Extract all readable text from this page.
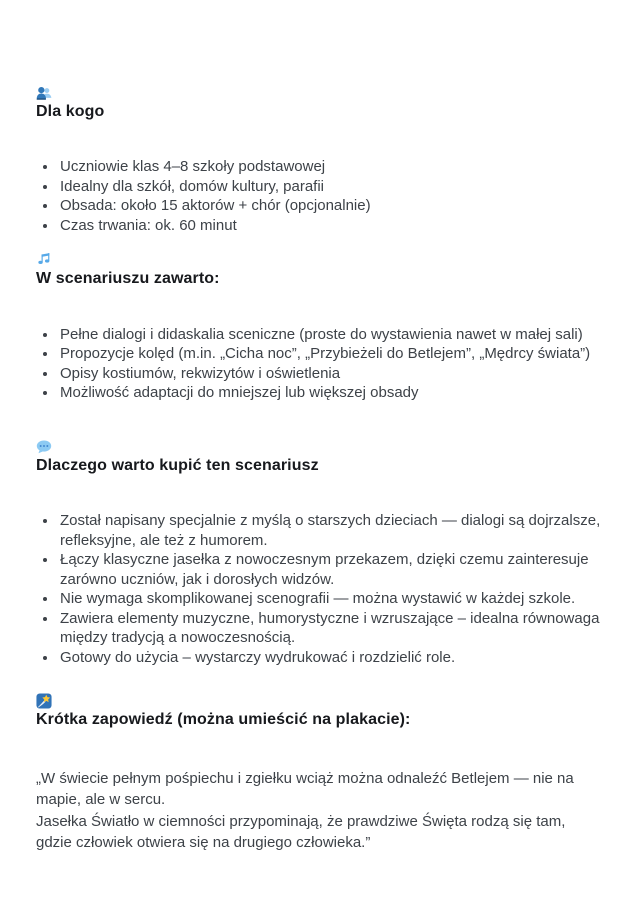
Dla kogo
• Uczniowie klas 4–8 szkoły podstawowej
• Idealny dla szkół, domów kultury, parafii
• Obsada: około 15 aktorów + chór (opcjonalnie)
• Czas trwania: ok. 60 minut
W scenariuszu zawarto:
• Pełne dialogi i didaskalia sceniczne (proste do wystawienia nawet w małej sali)
• Propozycje kolęd (m.in. „Cicha noc”, „Przybieżeli do Betlejem”, „Mędrcy świata”)
• Opisy kostiumów, rekwizytów i oświetlenia
• Możliwość adaptacji do mniejszej lub większej obsady
Dlaczego warto kupić ten scenariusz
• Został napisany specjalnie z myślą o starszych dzieciach — dialogi są dojrzalsze, refleksyjne, ale też z humorem.
• Łączy klasyczne jasełka z nowoczesnym przekazem, dzięki czemu zainteresuje zarówno uczniów, jak i dorosłych widzów.
• Nie wymaga skomplikowanej scenografii — można wystawić w każdej szkole.
• Zawiera elementy muzyczne, humorystyczne i wzruszające – idealna równowaga między tradycją a nowoczesnością.
• Gotowy do użycia – wystarczy wydrukować i rozdzielić role.
Krótka zapowiedź (można umieścić na plakacie):

„W świecie pełnym pośpiechu i zgiełku wciąż można odnaleźć Betlejem — nie na mapie, ale w sercu.
Jasełka Światło w ciemności przypominają, że prawdziwe Święta rodzą się tam, gdzie człowiek otwiera się na drugiego człowieka.”
